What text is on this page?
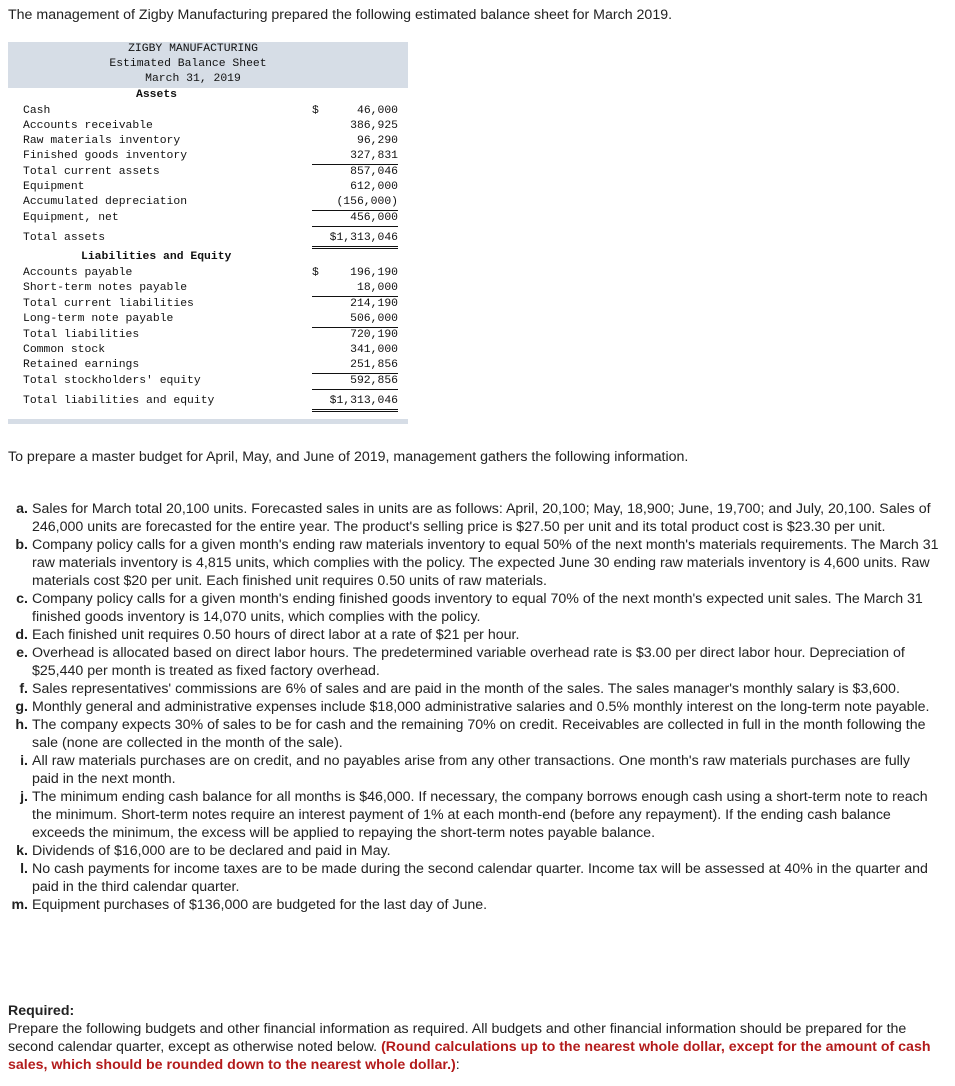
The management of Zigby Manufacturing prepared the following estimated balance sheet for March 2019.
ZIGBY MANUFACTURING
Estimated Balance Sheet
March 31, 2019
Assets
Cash	$	46,000
Accounts receivable	386,925
Raw materials inventory	96,290
Finished goods inventory	327,831
Total current assets	857,046
Equipment	612,000
Accumulated depreciation	(156,000)
Equipment, net	456,000
Total assets	$1,313,046
Liabilities and Equity
Accounts payable	$	196,190
Short-term notes payable	18,000
Total current liabilities	214,190
Long-term note payable	506,000
Total liabilities	720,190
Common stock	341,000
Retained earnings	251,856
Total stockholders' equity	592,856
Total liabilities and equity	$1,313,046
To prepare a master budget for April, May, and June of 2019, management gathers the following information.
a. Sales for March total 20,100 units. Forecasted sales in units are as follows: April, 20,100; May, 18,900; June, 19,700; and July, 20,100. Sales of 246,000 units are forecasted for the entire year. The product's selling price is $27.50 per unit and its total product cost is $23.30 per unit.
b. Company policy calls for a given month's ending raw materials inventory to equal 50% of the next month's materials requirements. The March 31 raw materials inventory is 4,815 units, which complies with the policy. The expected June 30 ending raw materials inventory is 4,600 units. Raw materials cost $20 per unit. Each finished unit requires 0.50 units of raw materials.
c. Company policy calls for a given month's ending finished goods inventory to equal 70% of the next month's expected unit sales. The March 31 finished goods inventory is 14,070 units, which complies with the policy.
d. Each finished unit requires 0.50 hours of direct labor at a rate of $21 per hour.
e. Overhead is allocated based on direct labor hours. The predetermined variable overhead rate is $3.00 per direct labor hour. Depreciation of $25,440 per month is treated as fixed factory overhead.
f. Sales representatives' commissions are 6% of sales and are paid in the month of the sales. The sales manager's monthly salary is $3,600.
g. Monthly general and administrative expenses include $18,000 administrative salaries and 0.5% monthly interest on the long-term note payable.
h. The company expects 30% of sales to be for cash and the remaining 70% on credit. Receivables are collected in full in the month following the sale (none are collected in the month of the sale).
i. All raw materials purchases are on credit, and no payables arise from any other transactions. One month's raw materials purchases are fully paid in the next month.
j. The minimum ending cash balance for all months is $46,000. If necessary, the company borrows enough cash using a short-term note to reach the minimum. Short-term notes require an interest payment of 1% at each month-end (before any repayment). If the ending cash balance exceeds the minimum, the excess will be applied to repaying the short-term notes payable balance.
k. Dividends of $16,000 are to be declared and paid in May.
l. No cash payments for income taxes are to be made during the second calendar quarter. Income tax will be assessed at 40% in the quarter and paid in the third calendar quarter.
m. Equipment purchases of $136,000 are budgeted for the last day of June.
Required:
Prepare the following budgets and other financial information as required. All budgets and other financial information should be prepared for the second calendar quarter, except as otherwise noted below. (Round calculations up to the nearest whole dollar, except for the amount of cash sales, which should be rounded down to the nearest whole dollar.):
